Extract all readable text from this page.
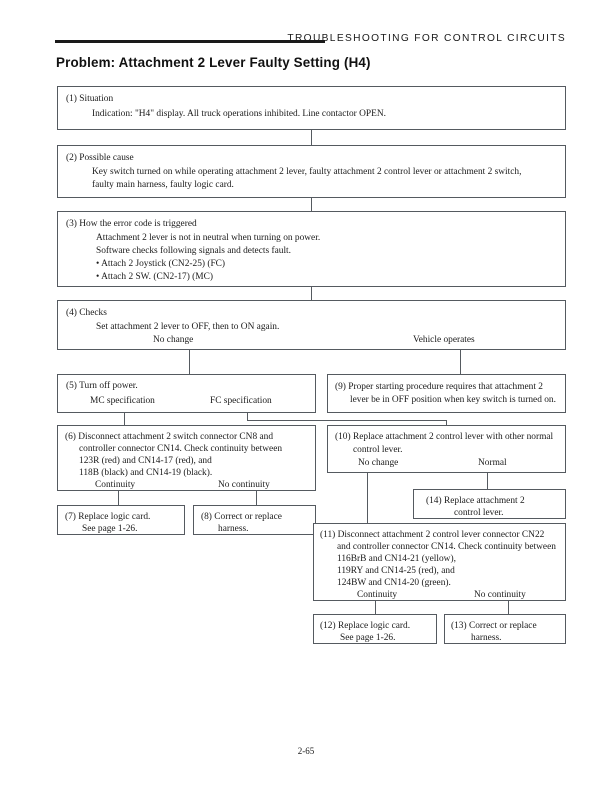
TROUBLESHOOTING FOR CONTROL CIRCUITS
Problem: Attachment 2 Lever Faulty Setting (H4)
(1) Situation
Indication: "H4" display. All truck operations inhibited. Line contactor OPEN.
(2) Possible cause
Key switch turned on while operating attachment 2 lever, faulty attachment 2 control lever or attachment 2 switch,
faulty main harness, faulty logic card.
(3) How the error code is triggered
Attachment 2 lever is not in neutral when turning on power.
Software checks following signals and detects fault.
• Attach 2 Joystick (CN2-25) (FC)
• Attach 2 SW. (CN2-17) (MC)
(4) Checks
Set attachment 2 lever to OFF, then to ON again.
No change	Vehicle operates
(5) Turn off power.
MC specification	FC specification
(9) Proper starting procedure requires that attachment 2
lever be in OFF position when key switch is turned on.
(6) Disconnect attachment 2 switch connector CN8 and
controller connector CN14. Check continuity between
123R (red) and CN14-17 (red), and
118B (black) and CN14-19 (black).
Continuity	No continuity
(10) Replace attachment 2 control lever with other normal
control lever.
No change	Normal
(14) Replace attachment 2
control lever.
(7) Replace logic card.
See page 1-26.
(8) Correct or replace
harness.
(11) Disconnect attachment 2 control lever connector CN22
and controller connector CN14. Check continuity between
116BrB and CN14-21 (yellow),
119RY and CN14-25 (red), and
124BW and CN14-20 (green).
Continuity	No continuity
(12) Replace logic card.
See page 1-26.
(13) Correct or replace
harness.
2-65
